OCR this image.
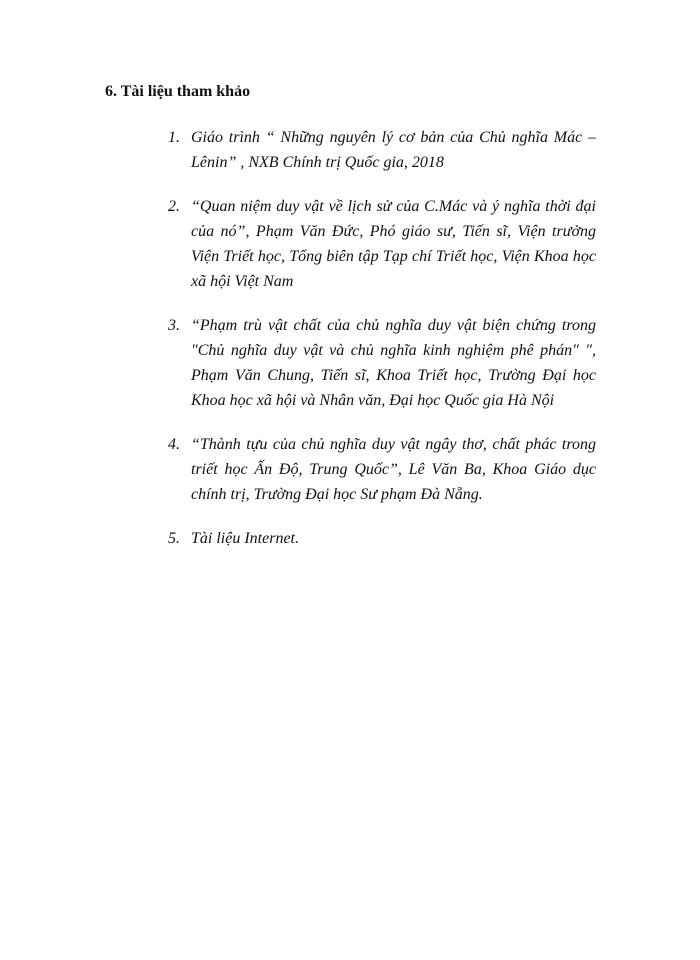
6. Tài liệu tham khảo
1. Giáo trình “ Những nguyên lý cơ bản của Chủ nghĩa Mác – Lênin” , NXB Chính trị Quốc gia, 2018
2. “Quan niệm duy vật về lịch sử của C.Mác và ý nghĩa thời đại của nó”, Phạm Văn Đức, Phó giáo sư, Tiến sĩ, Viện trưởng Viện Triết học, Tổng biên tập Tạp chí Triết học, Viện Khoa học xã hội Việt Nam
3. “Phạm trù vật chất của chủ nghĩa duy vật biện chứng trong "Chủ nghĩa duy vật và chủ nghĩa kinh nghiệm phê phán" ", Phạm Văn Chung, Tiến sĩ, Khoa Triết học, Trường Đại học Khoa học xã hội và Nhân văn, Đại học Quốc gia Hà Nội
4. “Thành tựu của chủ nghĩa duy vật ngây thơ, chất phác trong triết học Ấn Độ, Trung Quốc”, Lê Văn Ba, Khoa Giáo dục chính trị, Trường Đại học Sư phạm Đà Nẵng.
5. Tài liệu Internet.
